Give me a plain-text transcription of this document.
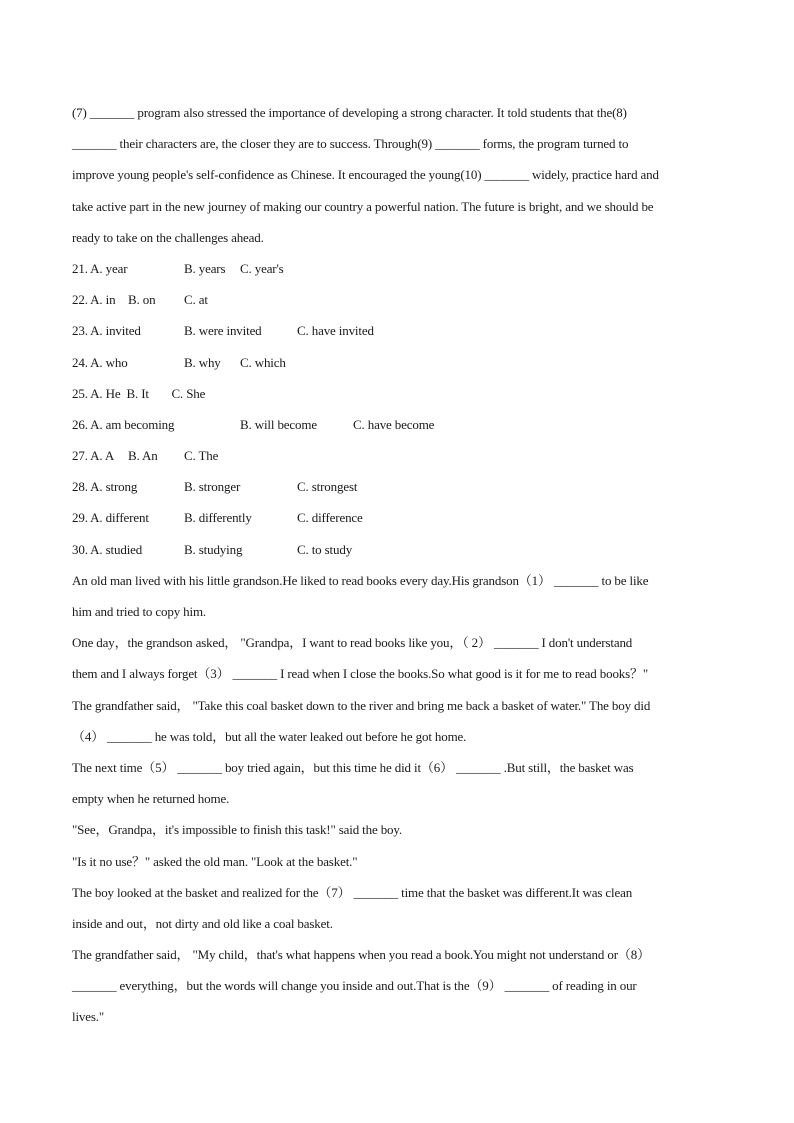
(7) _______ program also stressed the importance of developing a strong character. It told students that the(8)
_______ their characters are, the closer they are to success. Through(9) _______ forms, the program turned to
improve young people's self-confidence as Chinese. It encouraged the young(10) _______ widely, practice hard and
take active part in the new journey of making our country a powerful nation. The future is bright, and we should be
ready to take on the challenges ahead.
21. A. year	B. years	C. year's
22. A. in B. on	C. at
23. A. invited	B. were invited	C. have invited
24. A. who	B. why	C. which
25. A. He B. It	C. She
26. A. am becoming	B. will become	C. have become
27. A. A	B. An	C. The
28. A. strong	B. stronger	C. strongest
29. A. different	B. differently	C. difference
30. A. studied	B. studying	C. to study
An old man lived with his little grandson.He liked to read books every day.His grandson（1） _______ to be like
him and tried to copy him.
One day，the grandson asked， "Grandpa，I want to read books like you，（ 2） _______ I don't understand
them and I always forget（3） _______ I read when I close the books.So what good is it for me to read books？"
The grandfather said， "Take this coal basket down to the river and bring me back a basket of water." The boy did
（4） _______ he was told，but all the water leaked out before he got home.
The next time（5） _______ boy tried again，but this time he did it（6） _______ .But still，the basket was
empty when he returned home.
"See，Grandpa，it's impossible to finish this task!" said the boy.
"Is it no use？" asked the old man. "Look at the basket."
The boy looked at the basket and realized for the（7） _______ time that the basket was different.It was clean
inside and out，not dirty and old like a coal basket.
The grandfather said， "My child，that's what happens when you read a book.You might not understand or（8）
_______ everything，but the words will change you inside and out.That is the（9） _______ of reading in our
lives."
